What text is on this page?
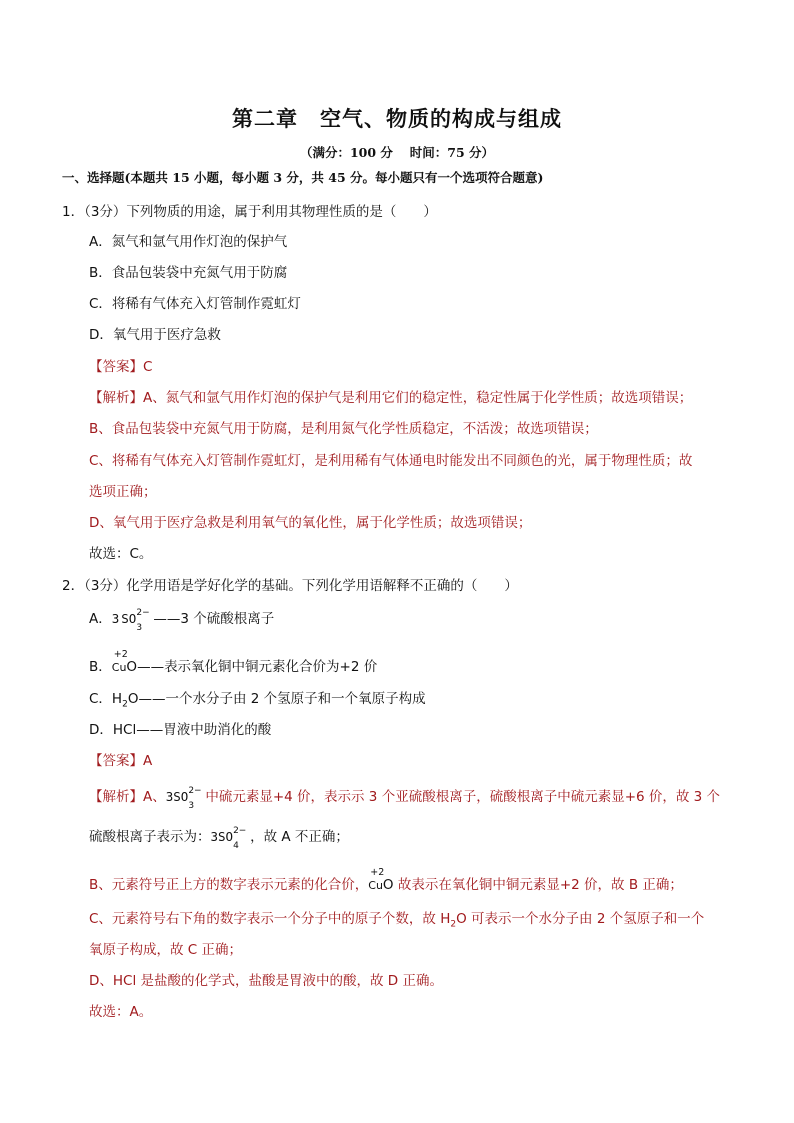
第二章　空气、物质的构成与组成
（满分：100 分　 时间：75 分）
一、选择题(本题共 15 小题，每小题 3 分，共 45 分。每小题只有一个选项符合题意)
1．（3分）下列物质的用途，属于利用其物理性质的是（　　）
A．氮气和氩气用作灯泡的保护气
B．食品包装袋中充氮气用于防腐
C．将稀有气体充入灯管制作霓虹灯
D．氧气用于医疗急救
【答案】C
【解析】A、氮气和氩气用作灯泡的保护气是利用它们的稳定性，稳定性属于化学性质；故选项错误；
B、食品包装袋中充氮气用于防腐，是利用氮气化学性质稳定，不活泼；故选项错误；
C、将稀有气体充入灯管制作霓虹灯，是利用稀有气体通电时能发出不同颜色的光，属于物理性质；故
选项正确；
D、氧气用于医疗急救是利用氧气的氧化性，属于化学性质；故选项错误；
故选：C。
2．（3分）化学用语是学好化学的基础。下列化学用语解释不正确的（　　）
A．3 SO 2−
3
——3 个硫酸根离子
B．
+2
CuO——表示氧化铜中铜元素化合价为+2 价
C．$H_2O——$一个水分子由 2 个氢原子和一个氧原子构成
D．HCl——胃液中助消化的酸
【答案】A
【解析】A、3SO 2−
3
中硫元素显+4 价，表示示 3 个亚硫酸根离子，硫酸根离子中硫元素显+6 价，故 3 个
硫酸根离子表示为：3SO 2−
4
，故 A 不正确；
B、元素符号正上方的数字表示元素的化合价，
+2
CuO 故表示在氧化铜中铜元素显+2 价，故 B 正确；
C、元素符号右下角的数字表示一个分子中的原子个数，故 $H_2O$ 可表示一个水分子由 2 个氢原子和一个
氧原子构成，故 C 正确；
D、HCl 是盐酸的化学式，盐酸是胃液中的酸，故 D 正确。
故选：A。
